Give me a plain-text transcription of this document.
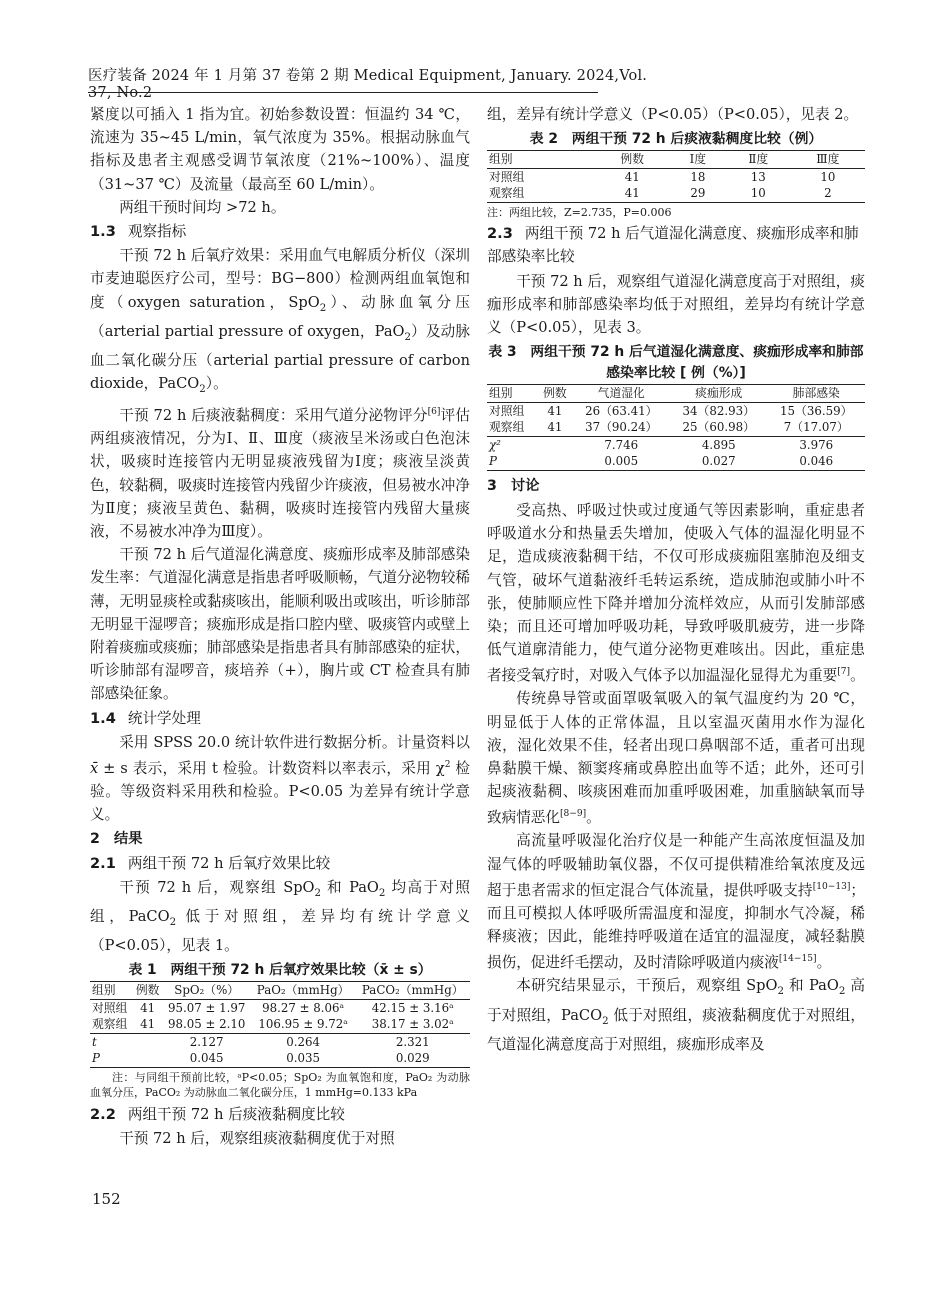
医疗装备 2024 年 1 月第 37 卷第 2 期 Medical Equipment, January. 2024,Vol. 37, No.2

紧度以可插入 1 指为宜。初始参数设置：恒温约 34 ℃，流速为 35~45 L/min，氧气浓度为 35%。根据动脉血气指标及患者主观感受调节氧浓度（21%~100%）、温度（31~37 ℃）及流量（最高至 60 L/min）。

两组干预时间均 >72 h。

1.3 观察指标

干预 72 h 后氧疗效果：采用血气电解质分析仪（深圳市麦迪聪医疗公司，型号：BG−800）检测两组血氧饱和度（oxygen saturation，SpO$_2$）、动脉血氧分压（arterial partial pressure of oxygen，PaO$_2$）及动脉血二氧化碳分压（arterial partial pressure of carbon dioxide，PaCO$_2$）。

干预 72 h 后痰液黏稠度：采用气道分泌物评分[6]评估两组痰液情况，分为Ⅰ、Ⅱ、Ⅲ度（痰液呈米汤或白色泡沫状，吸痰时连接管内无明显痰液残留为Ⅰ度；痰液呈淡黄色，较黏稠，吸痰时连接管内残留少许痰液，但易被水冲净为Ⅱ度；痰液呈黄色、黏稠，吸痰时连接管内残留大量痰液，不易被水冲净为Ⅲ度）。

干预 72 h 后气道湿化满意度、痰痂形成率及肺部感染发生率：气道湿化满意是指患者呼吸顺畅，气道分泌物较稀薄，无明显痰栓或黏痰咳出，能顺利吸出或咳出，听诊肺部无明显干湿啰音；痰痂形成是指口腔内壁、吸痰管内或壁上附着痰痂或痰痂；肺部感染是指患者具有肺部感染的症状，听诊肺部有湿啰音，痰培养（+），胸片或 CT 检查具有肺部感染征象。

1.4 统计学处理

采用 SPSS 20.0 统计软件进行数据分析。计量资料以x̄ ± s 表示，采用 t 检验。计数资料以率表示，采用 $\chi^2$ 检验。等级资料采用秩和检验。P<0.05 为差异有统计学意义。

2　结果
2.1 两组干预 72 h 后氧疗效果比较

干预 72 h 后，观察组 SpO$_2$ 和 PaO$_2$ 均高于对照组，PaCO$_2$ 低于对照组，差异均有统计学意义（P<0.05），见表 1。

表 1　两组干预 72 h 后氧疗效果比较（x̄ ± s）
组别	例数	SpO₂（%）	PaO₂（mmHg）	PaCO₂（mmHg）
对照组	41	95.07 ± 1.97	98.27 ± 8.06ᵃ	42.15 ± 3.16ᵃ
观察组	41	98.05 ± 2.10	106.95 ± 9.72ᵃ	38.17 ± 3.02ᵃ
t		2.127	0.264	2.321
P		0.045	0.035	0.029
注：与同组干预前比较，ᵃP<0.05；SpO₂ 为血氧饱和度，PaO₂ 为动脉血氧分压，PaCO₂ 为动脉血二氧化碳分压，1 mmHg=0.133 kPa
2.2 两组干预 72 h 后痰液黏稠度比较

干预 72 h 后，观察组痰液黏稠度优于对照

组，差异有统计学意义（P<0.05）（P<0.05），见表 2。

表 2　两组干预 72 h 后痰液黏稠度比较（例）
组别	例数	Ⅰ度	Ⅱ度	Ⅲ度
对照组	41	18	13	10
观察组	41	29	10	2
注：两组比较，Z=2.735，P=0.006
2.3 两组干预 72 h 后气道湿化满意度、痰痂形成率和肺部感染率比较

干预 72 h 后，观察组气道湿化满意度高于对照组，痰痂形成率和肺部感染率均低于对照组，差异均有统计学意义（P<0.05），见表 3。

表 3　两组干预 72 h 后气道湿化满意度、痰痂形成率和肺部感染率比较 [ 例（%）]
组别	例数	气道湿化	痰痂形成	肺部感染
对照组	41	26（63.41）	34（82.93）	15（36.59）
观察组	41	37（90.24）	25（60.98）	7（17.07）
χ²		7.746	4.895	3.976
P		0.005	0.027	0.046
3　讨论

受高热、呼吸过快或过度通气等因素影响，重症患者呼吸道水分和热量丢失增加，使吸入气体的温湿化明显不足，造成痰液黏稠干结，不仅可形成痰痂阻塞肺泡及细支气管，破坏气道黏液纤毛转运系统，造成肺泡或肺小叶不张，使肺顺应性下降并增加分流样效应，从而引发肺部感染；而且还可增加呼吸功耗，导致呼吸肌疲劳，进一步降低气道廓清能力，使气道分泌物更难咳出。因此，重症患者接受氧疗时，对吸入气体予以加温湿化显得尤为重要[7]。

传统鼻导管或面罩吸氧吸入的氧气温度约为 20 ℃，明显低于人体的正常体温，且以室温灭菌用水作为湿化液，湿化效果不佳，轻者出现口鼻咽部不适，重者可出现鼻黏膜干燥、额窦疼痛或鼻腔出血等不适；此外，还可引起痰液黏稠、咳痰困难而加重呼吸困难，加重脑缺氧而导致病情恶化[8−9]。

高流量呼吸湿化治疗仪是一种能产生高浓度恒温及加湿气体的呼吸辅助氧仪器，不仅可提供精准给氧浓度及远超于患者需求的恒定混合气体流量，提供呼吸支持[10−13]；而且可模拟人体呼吸所需温度和湿度，抑制水气冷凝，稀释痰液；因此，能维持呼吸道在适宜的温湿度，减轻黏膜损伤，促进纤毛摆动，及时清除呼吸道内痰液[14−15]。

本研究结果显示，干预后，观察组 SpO$_2$ 和 PaO$_2$ 高于对照组，PaCO$_2$ 低于对照组，痰液黏稠度优于对照组，气道湿化满意度高于对照组，痰痂形成率及

152
